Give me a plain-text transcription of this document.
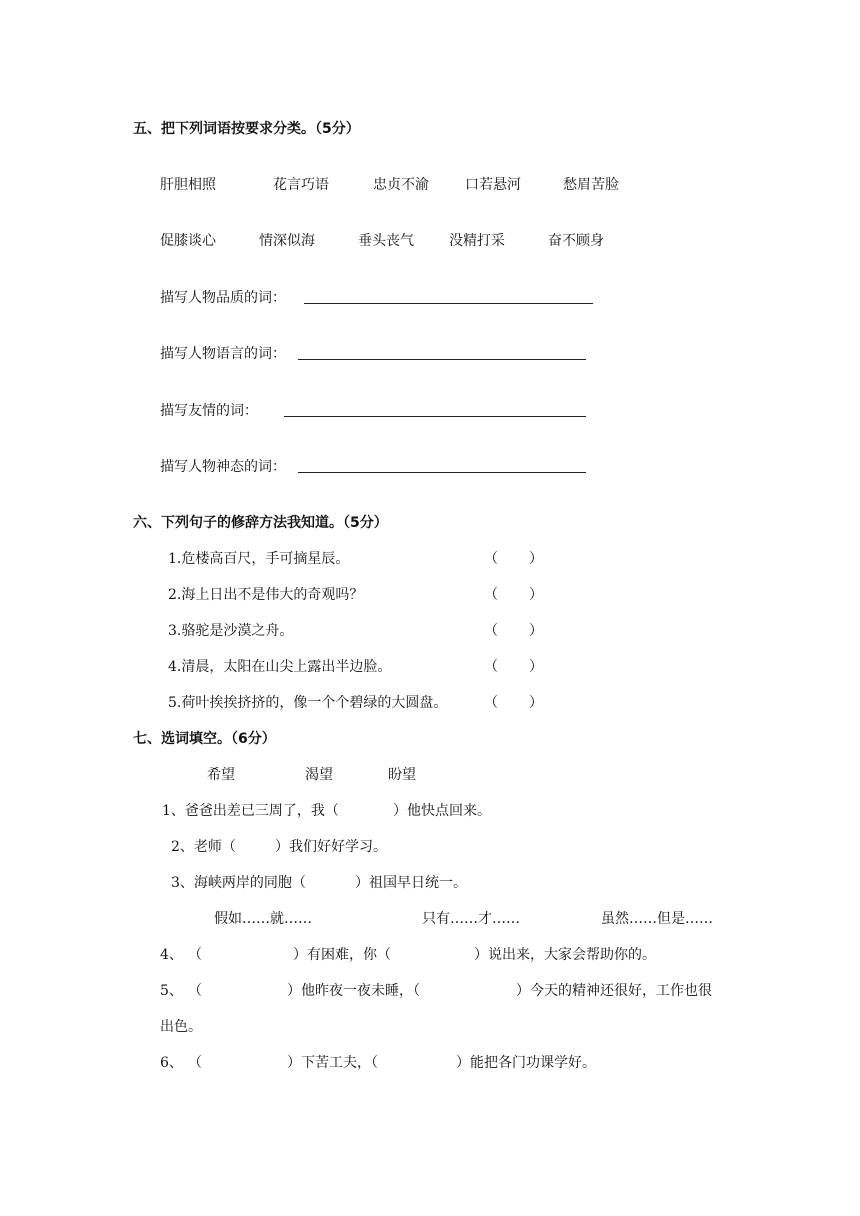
五、把下列词语按要求分类。（5分）
肝胆相照	花言巧语	忠贞不渝	口若悬河	愁眉苦脸
促膝谈心	情深似海	垂头丧气	没精打采	奋不顾身
描写人物品质的词：
描写人物语言的词：
描写友情的词：
描写人物神态的词：
六、下列句子的修辞方法我知道。（5分）
1.危楼高百尺，手可摘星辰。	（ ）
2.海上日出不是伟大的奇观吗？	（ ）
3.骆驼是沙漠之舟。	（ ）
4.清晨，太阳在山尖上露出半边脸。	（ ）
5.荷叶挨挨挤挤的，像一个个碧绿的大圆盘。	（ ）
七、选词填空。（6分）
希望	渴望	盼望
1、爸爸出差已三周了，我（	）他快点回来。
2、老师（	）我们好好学习。
3、海峡两岸的同胞（	）祖国早日统一。
假如……就……	只有……才……	虽然……但是……
4、 （	）有困难，你（	）说出来，大家会帮助你的。
5、 （	）他昨夜一夜未睡，（	）今天的精神还很好，工作也很
出色。
6、 （	）下苦工夫，（	）能把各门功课学好。
